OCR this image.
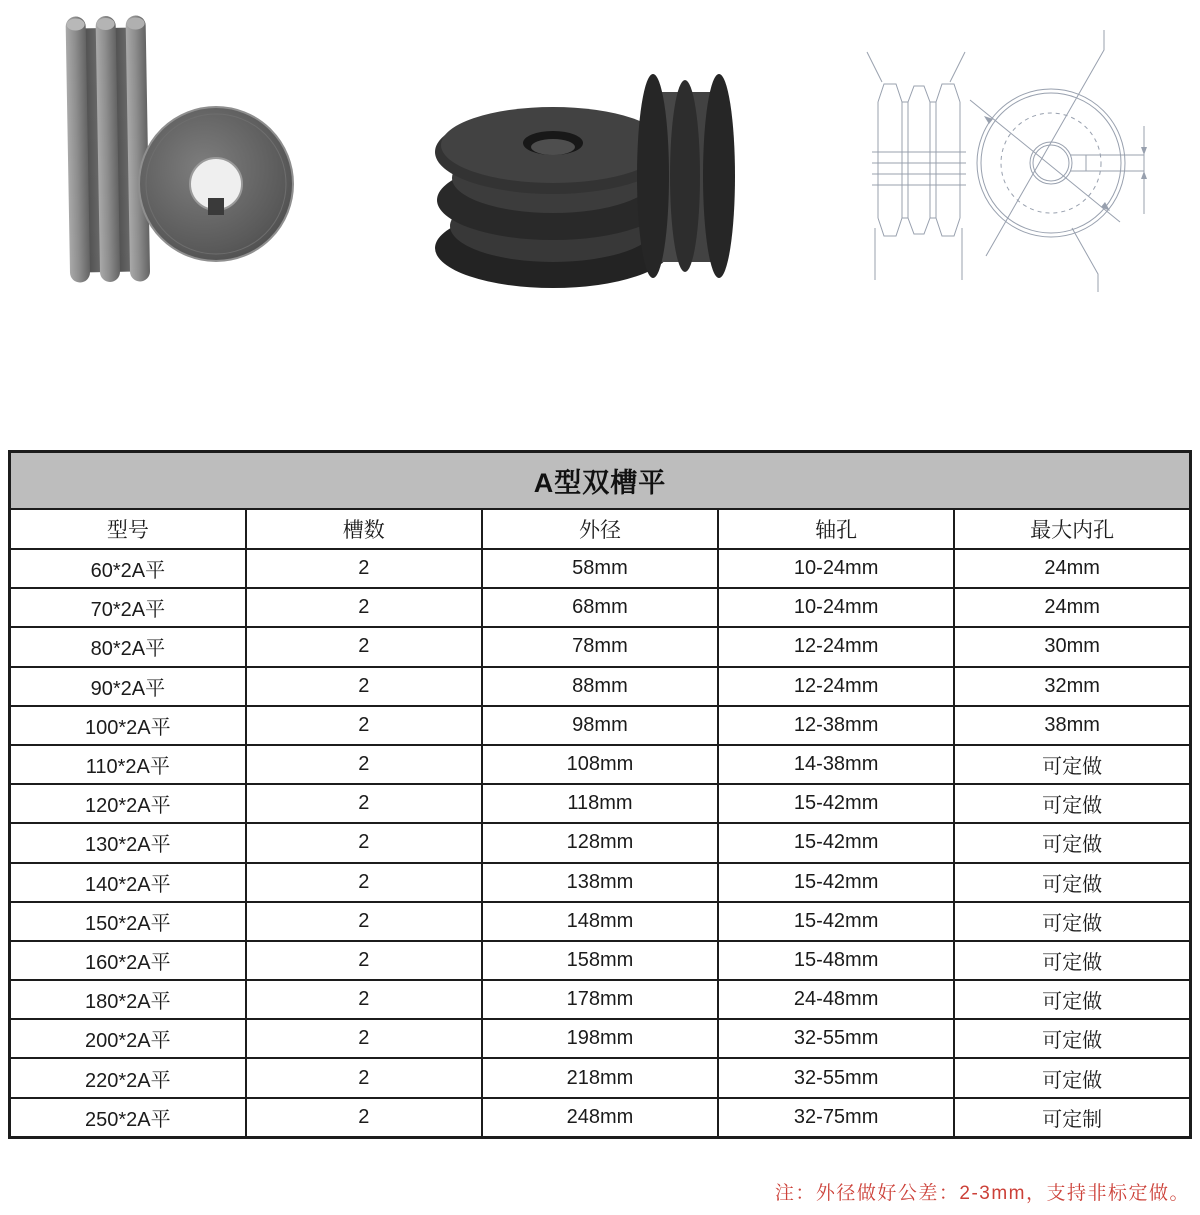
A型双槽平				
型号	槽数	外径	轴孔	最大内孔
60*2A平	2	58mm	10-24mm	24mm
70*2A平	2	68mm	10-24mm	24mm
80*2A平	2	78mm	12-24mm	30mm
90*2A平	2	88mm	12-24mm	32mm
100*2A平	2	98mm	12-38mm	38mm
110*2A平	2	108mm	14-38mm	可定做
120*2A平	2	118mm	15-42mm	可定做
130*2A平	2	128mm	15-42mm	可定做
140*2A平	2	138mm	15-42mm	可定做
150*2A平	2	148mm	15-42mm	可定做
160*2A平	2	158mm	15-48mm	可定做
180*2A平	2	178mm	24-48mm	可定做
200*2A平	2	198mm	32-55mm	可定做
220*2A平	2	218mm	32-55mm	可定做
250*2A平	2	248mm	32-75mm	可定制
注：外径做好公差：2-3mm，支持非标定做。
